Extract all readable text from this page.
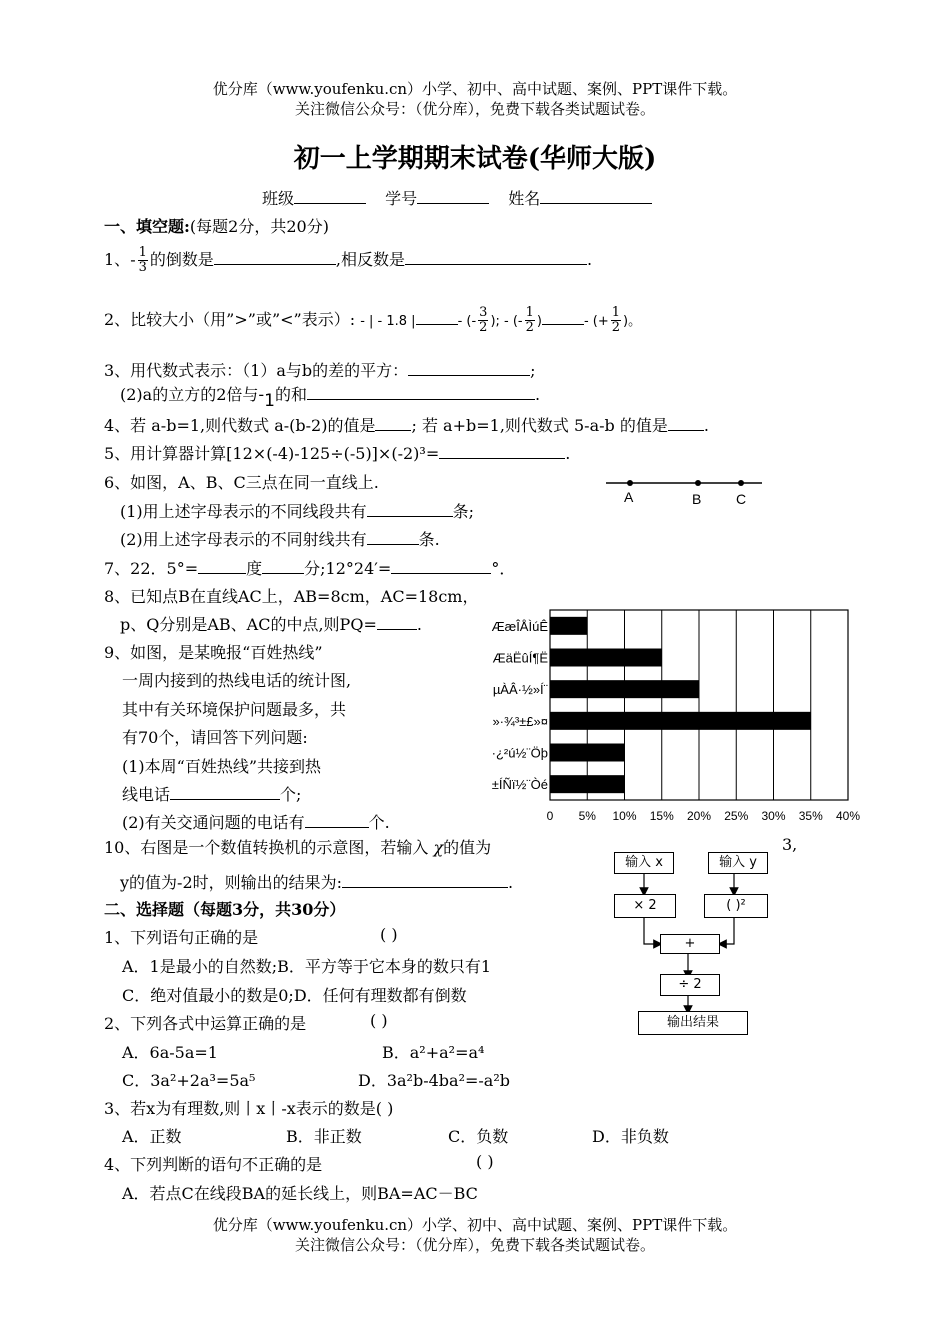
优分库（www.youfenku.cn）小学、初中、高中试题、案例、PPT课件下载。
关注微信公众号：（优分库），免费下载各类试题试卷。
初一上学期期末试卷(华师大版)
班级	学号	姓名
一、填空题:(每题2分，共20分)
1、- $\frac{1}{3}$ 的倒数是	,相反数是	.
2、比较大小（用”>”或”<”表示）: - | - 1.8 |	- (- $\frac{3}{2}$ ); - (- $\frac{1}{2}$ )	- (+ $\frac{1}{2}$ )。
3、用代数式表示：（1）a与b的差的平方：	;
(2)a的立方的2倍与-1的和	.
4、若 a-b=1,则代数式 a-(b-2)的值是 ; 若 a+b=1,则代数式 5-a-b 的值是 .
5、用计算器计算[12×(-4)-125÷(-5)]×(-2)³=	.
6、如图，A、B、C三点在同一直线上.
(1)用上述字母表示的不同线段共有	条;
(2)用上述字母表示的不同射线共有	条.
A	B C
7、22．5°=	度	分;12°24′=	°．
8、已知点B在直线AC上，AB=8cm，AC=18cm，
p、Q分别是AB、AC的中点,则PQ=	.
9、如图，是某晚报“百姓热线”
一周内接到的热线电话的统计图,
其中有关环境保护问题最多，共
有70个，请回答下列问题:
(1)本周“百姓热线”共接到热
线电话	个;
(2)有关交通问题的电话有	个.	0 5% 10% 15% 20% 25% 30% 35% 40%
ÆæÎÅÌúÊ
ÆäËûÍ¶Ë
µÀÂ·½»Í¨
»·¾³±£»¤
·¿²ú½¨Öþ
±ÍÑï½¨Òé
10、右图是一个数值转换机的示意图，若输入 χ的值为	3,
y的值为-2时，则输出的结果为:	.
输入 x	输入 y
× 2	( )²
+
÷ 2
输出结果
二、选择题（每题3分，共30分）
1、下列语句正确的是	( )
A．1是最小的自然数;B．平方等于它本身的数只有1
C．绝对值最小的数是0;D．任何有理数都有倒数
2、下列各式中运算正确的是	( )
A．6a-5a=1	B．a²+a²=a⁴
C．3a²+2a³=5a⁵	D．3a²b-4ba²=-a²b
3、若x为有理数,则丨x丨-x表示的数是( )
A．正数	B．非正数	C．负数	D．非负数
4、下列判断的语句不正确的是	( )
A．若点C在线段BA的延长线上，则BA=AC－BC
优分库（www.youfenku.cn）小学、初中、高中试题、案例、PPT课件下载。
关注微信公众号：（优分库），免费下载各类试题试卷。
